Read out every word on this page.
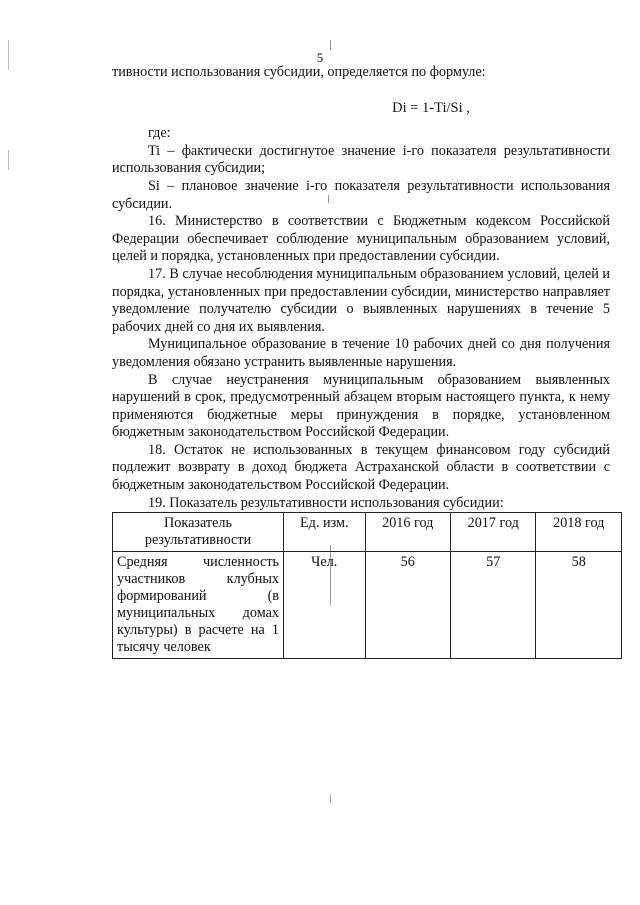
5

тивности использования субсидии, определяется по формуле:

Di = 1-Ti/Si ,

где:

Ti – фактически достигнутое значение i-го показателя результативности использования субсидии;

Si – плановое значение i-го показателя результативности использования субсидии.

16. Министерство в соответствии с Бюджетным кодексом Российской Федерации обеспечивает соблюдение муниципальным образованием условий, целей и порядка, установленных при предоставлении субсидии.

17. В случае несоблюдения муниципальным образованием условий, целей и порядка, установленных при предоставлении субсидии, министерство направляет уведомление получателю субсидии о выявленных нарушениях в течение 5 рабочих дней со дня их выявления.

Муниципальное образование в течение 10 рабочих дней со дня получения уведомления обязано устранить выявленные нарушения.

В случае неустранения муниципальным образованием выявленных нарушений в срок, предусмотренный абзацем вторым настоящего пункта, к нему применяются бюджетные меры принуждения в порядке, установленном бюджетным законодательством Российской Федерации.

18. Остаток не использованных в текущем финансовом году субсидий подлежит возврату в доход бюджета Астраханской области в соответствии с бюджетным законодательством Российской Федерации.

19. Показатель результативности использования субсидии:

Показатель результативности	Ед. изм.	2016 год	2017 год	2018 год
Средняя численность участников клубных формирований (в муниципальных домах культуры) в расчете на 1 тысячу человек	Чел.	56	57	58
